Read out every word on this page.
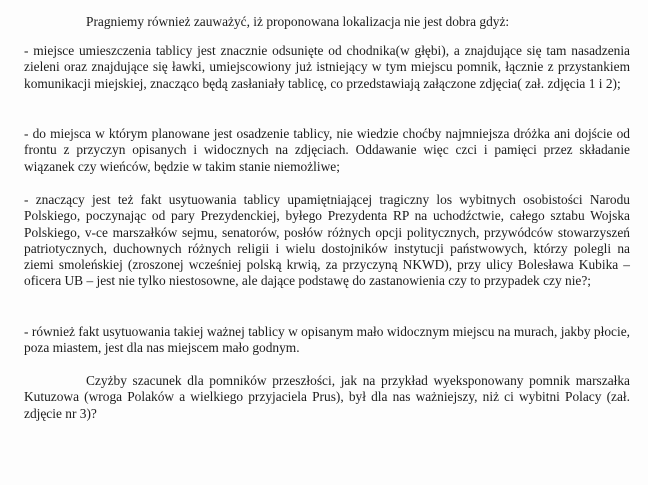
Pragniemy również zauważyć, iż proponowana lokalizacja nie jest dobra gdyż:

- miejsce umieszczenia tablicy jest znacznie odsunięte od chodnika(w głębi), a znajdujące się tam nasadzenia zieleni oraz znajdujące się ławki, umiejscowiony już istniejący w tym miejscu pomnik, łącznie z przystankiem komunikacji miejskiej, znacząco będą zasłaniały tablicę, co przedstawiają załączone zdjęcia( zał. zdjęcia 1 i 2);

- do miejsca w którym planowane jest osadzenie tablicy, nie wiedzie choćby najmniejsza dróżka ani dojście od frontu z przyczyn opisanych i widocznych na zdjęciach. Oddawanie więc czci i pamięci przez składanie wiązanek czy wieńców, będzie w takim stanie niemożliwe;

- znaczący jest też fakt usytuowania tablicy upamiętniającej tragiczny los wybitnych osobistości Narodu Polskiego, poczynając od pary Prezydenckiej, byłego Prezydenta RP na uchodźctwie, całego sztabu Wojska Polskiego, v-ce marszałków sejmu, senatorów, posłów różnych opcji politycznych, przywódców stowarzyszeń patriotycznych, duchownych różnych religii i wielu dostojników instytucji państwowych, którzy polegli na ziemi smoleńskiej (zroszonej wcześniej polską krwią, za przyczyną NKWD), przy ulicy Bolesława Kubika – oficera UB – jest nie tylko niestosowne, ale dające podstawę do zastanowienia czy to przypadek czy nie?;

- również fakt usytuowania takiej ważnej tablicy w opisanym mało widocznym miejscu na murach, jakby płocie, poza miastem, jest dla nas miejscem mało godnym.

Czyżby szacunek dla pomników przeszłości, jak na przykład wyeksponowany pomnik marszałka Kutuzowa (wroga Polaków a wielkiego przyjaciela Prus), był dla nas ważniejszy, niż ci wybitni Polacy (zał. zdjęcie nr 3)?
